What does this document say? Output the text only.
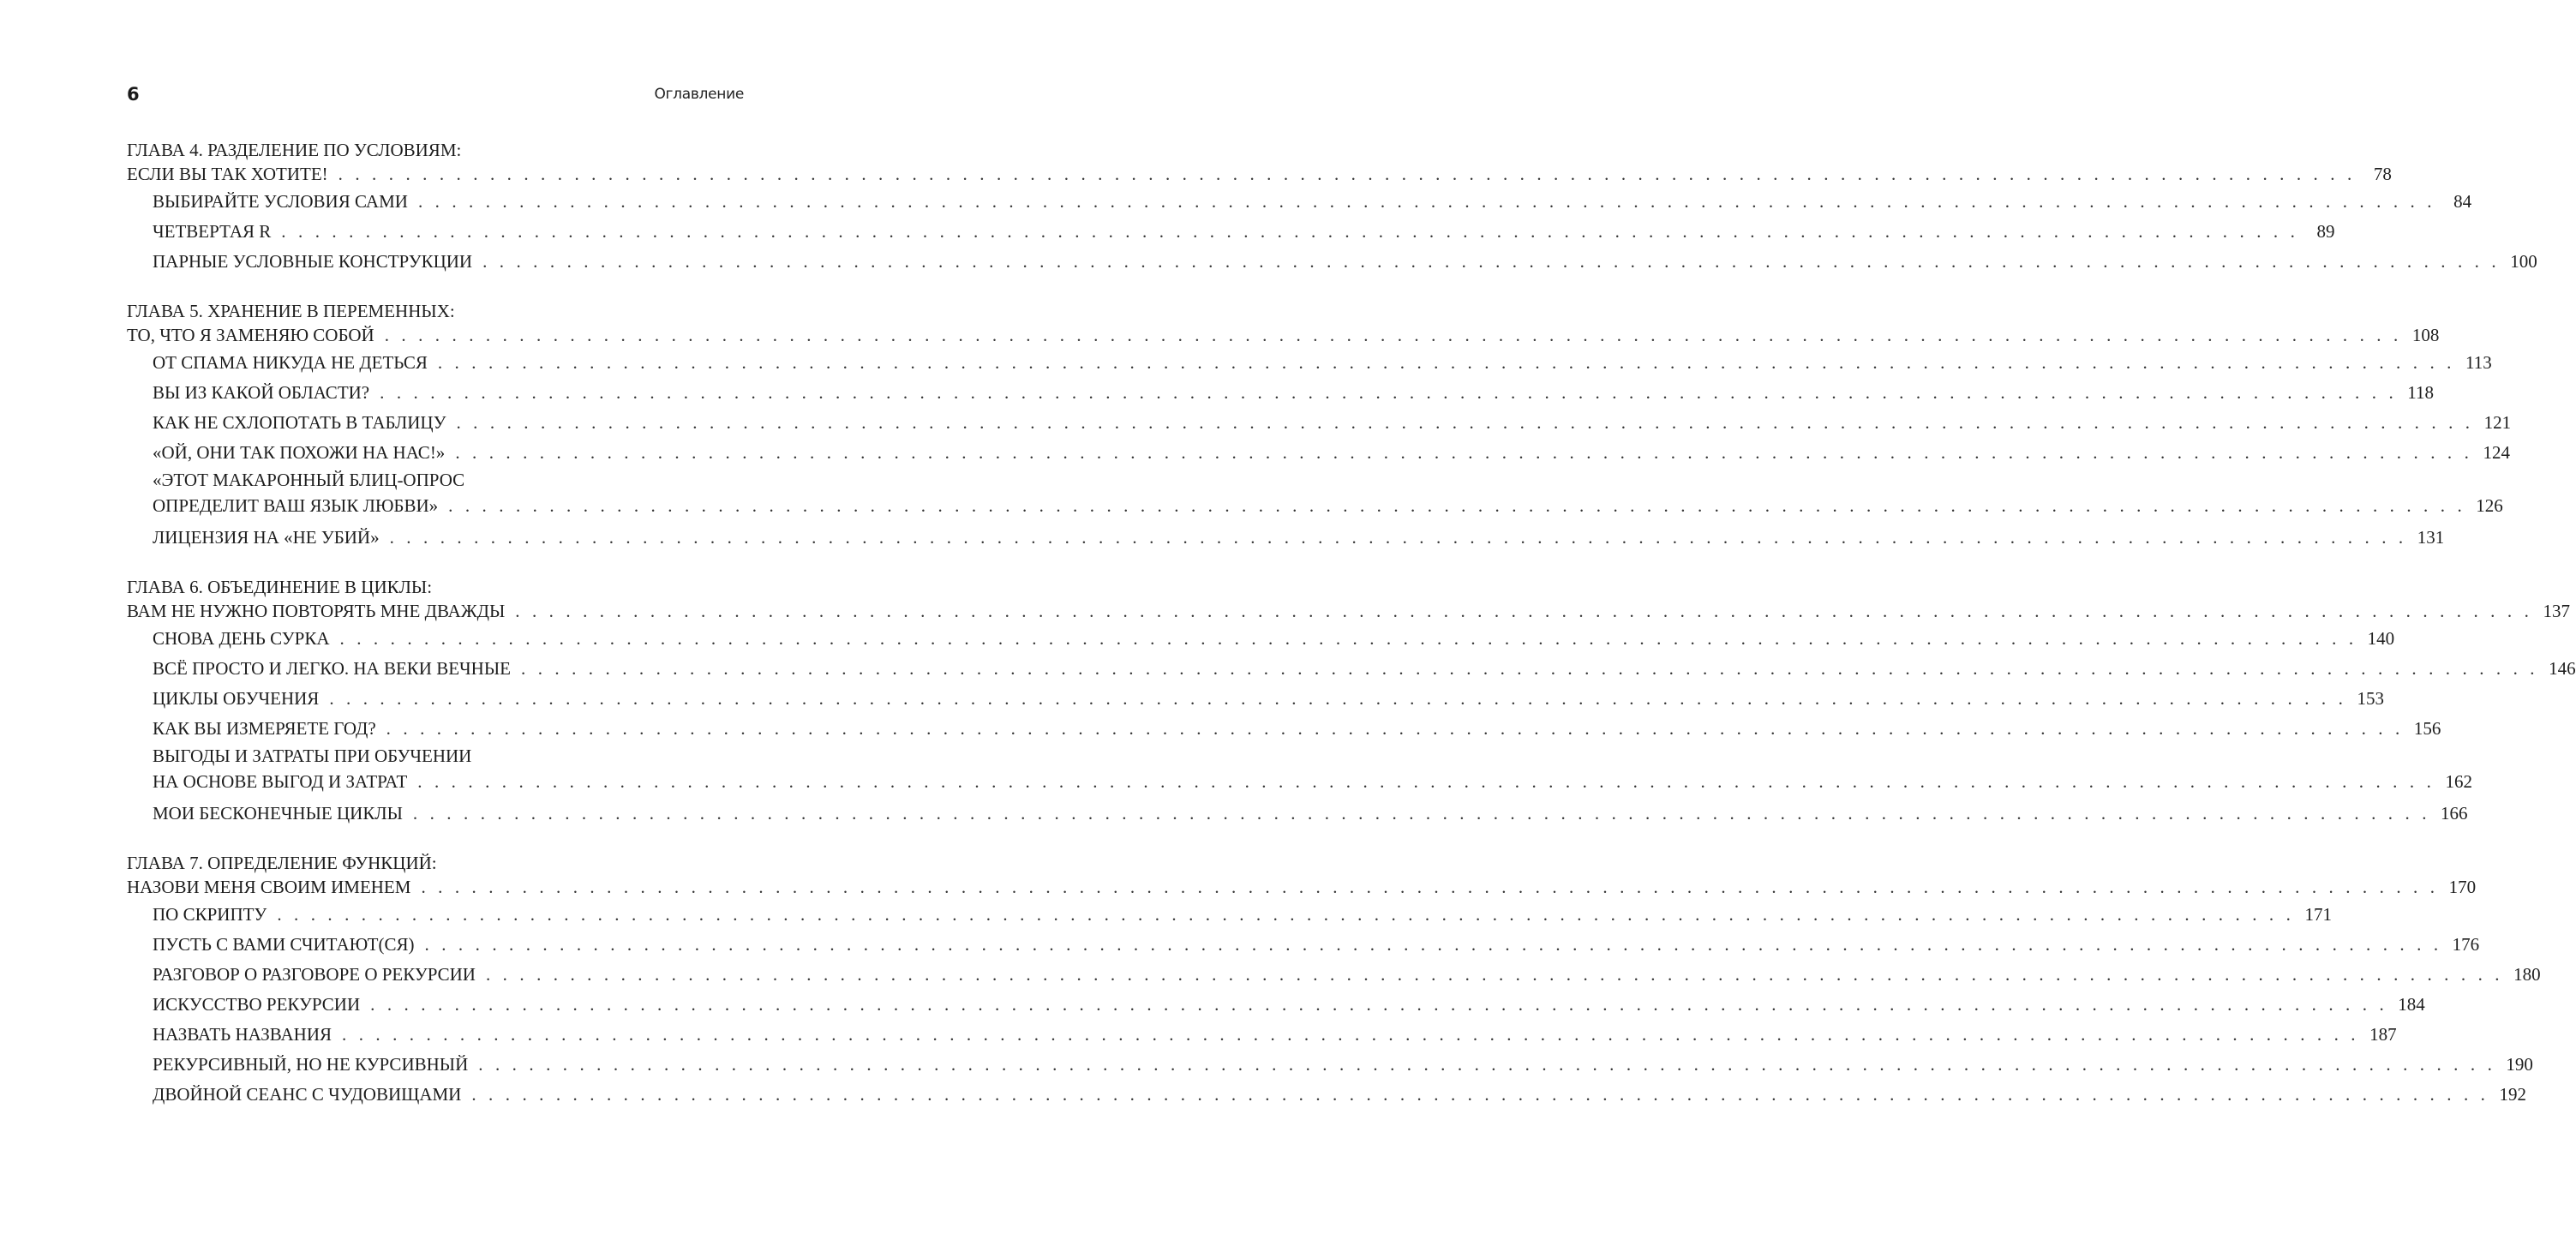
6	Оглавление
ГЛАВА 4. РАЗДЕЛЕНИЕ ПО УСЛОВИЯМ:
ЕСЛИ ВЫ ТАК ХОТИТЕ! . . . . . . . . . . . . . . . . . . . . . . . . . . . . . . . . . . . . . . . . . . . . . . . . . . . . . . . . . . . . . . . . . . . . . . . . . . . . . . . . . . . . . . . . . . . . . . . . . . . . . . . . . . . . . . . . . . . . . . . .	78
ВЫБИРАЙТЕ УСЛОВИЯ САМИ . . . . . . . . . . . . . . . . . . . . . . . . . . . . . . . . . . . . . . . . . . . . . . . . . . . . . . . . . . . . . . . . . . . . . . . . . . . . . . . . . . . . . . . . . . . . . . . . . . . . . . . . . . . . . . . . . . . . . . . .	84
ЧЕТВЕРТАЯ R . . . . . . . . . . . . . . . . . . . . . . . . . . . . . . . . . . . . . . . . . . . . . . . . . . . . . . . . . . . . . . . . . . . . . . . . . . . . . . . . . . . . . . . . . . . . . . . . . . . . . . . . . . . . . . . . . . . . . . . .	89
ПАРНЫЕ УСЛОВНЫЕ КОНСТРУКЦИИ . . . . . . . . . . . . . . . . . . . . . . . . . . . . . . . . . . . . . . . . . . . . . . . . . . . . . . . . . . . . . . . . . . . . . . . . . . . . . . . . . . . . . . . . . . . . . . . . . . . . . . . . . . . . . . . . . . . . . . . . 100
ГЛАВА 5. ХРАНЕНИЕ В ПЕРЕМЕННЫХ:
ТО, ЧТО Я ЗАМЕНЯЮ СОБОЙ . . . . . . . . . . . . . . . . . . . . . . . . . . . . . . . . . . . . . . . . . . . . . . . . . . . . . . . . . . . . . . . . . . . . . . . . . . . . . . . . . . . . . . . . . . . . . . . . . . . . . . . . . . . . . . . . . . . . . . . . 108
ОТ СПАМА НИКУДА НЕ ДЕТЬСЯ . . . . . . . . . . . . . . . . . . . . . . . . . . . . . . . . . . . . . . . . . . . . . . . . . . . . . . . . . . . . . . . . . . . . . . . . . . . . . . . . . . . . . . . . . . . . . . . . . . . . . . . . . . . . . . . . . . . . . . . . 113
ВЫ ИЗ КАКОЙ ОБЛАСТИ? . . . . . . . . . . . . . . . . . . . . . . . . . . . . . . . . . . . . . . . . . . . . . . . . . . . . . . . . . . . . . . . . . . . . . . . . . . . . . . . . . . . . . . . . . . . . . . . . . . . . . . . . . . . . . . . . . . . . . . . . 118
КАК НЕ СХЛОПОТАТЬ В ТАБЛИЦУ . . . . . . . . . . . . . . . . . . . . . . . . . . . . . . . . . . . . . . . . . . . . . . . . . . . . . . . . . . . . . . . . . . . . . . . . . . . . . . . . . . . . . . . . . . . . . . . . . . . . . . . . . . . . . . . . . . . . . . . . 121
«ОЙ, ОНИ ТАК ПОХОЖИ НА НАС!» . . . . . . . . . . . . . . . . . . . . . . . . . . . . . . . . . . . . . . . . . . . . . . . . . . . . . . . . . . . . . . . . . . . . . . . . . . . . . . . . . . . . . . . . . . . . . . . . . . . . . . . . . . . . . . . . . . . . . . . . 124
«ЭТОТ МАКАРОННЫЙ БЛИЦ-ОПРОС
ОПРЕДЕЛИТ ВАШ ЯЗЫК ЛЮБВИ» . . . . . . . . . . . . . . . . . . . . . . . . . . . . . . . . . . . . . . . . . . . . . . . . . . . . . . . . . . . . . . . . . . . . . . . . . . . . . . . . . . . . . . . . . . . . . . . . . . . . . . . . . . . . . . . . . . . . . . . . 126
ЛИЦЕНЗИЯ НА «НЕ УБИЙ» . . . . . . . . . . . . . . . . . . . . . . . . . . . . . . . . . . . . . . . . . . . . . . . . . . . . . . . . . . . . . . . . . . . . . . . . . . . . . . . . . . . . . . . . . . . . . . . . . . . . . . . . . . . . . . . . . . . . . . . . 131
ГЛАВА 6. ОБЪЕДИНЕНИЕ В ЦИКЛЫ:
ВАМ НЕ НУЖНО ПОВТОРЯТЬ МНЕ ДВАЖДЫ . . . . . . . . . . . . . . . . . . . . . . . . . . . . . . . . . . . . . . . . . . . . . . . . . . . . . . . . . . . . . . . . . . . . . . . . . . . . . . . . . . . . . . . . . . . . . . . . . . . . . . . . . . . . . . . . . . . . . . . . 137
СНОВА ДЕНЬ СУРКА . . . . . . . . . . . . . . . . . . . . . . . . . . . . . . . . . . . . . . . . . . . . . . . . . . . . . . . . . . . . . . . . . . . . . . . . . . . . . . . . . . . . . . . . . . . . . . . . . . . . . . . . . . . . . . . . . . . . . . . . 140
ВСЁ ПРОСТО И ЛЕГКО. НА ВЕКИ ВЕЧНЫЕ . . . . . . . . . . . . . . . . . . . . . . . . . . . . . . . . . . . . . . . . . . . . . . . . . . . . . . . . . . . . . . . . . . . . . . . . . . . . . . . . . . . . . . . . . . . . . . . . . . . . . . . . . . . . . . . . . . . . . . . . 146
ЦИКЛЫ ОБУЧЕНИЯ . . . . . . . . . . . . . . . . . . . . . . . . . . . . . . . . . . . . . . . . . . . . . . . . . . . . . . . . . . . . . . . . . . . . . . . . . . . . . . . . . . . . . . . . . . . . . . . . . . . . . . . . . . . . . . . . . . . . . . . . 153
КАК ВЫ ИЗМЕРЯЕТЕ ГОД? . . . . . . . . . . . . . . . . . . . . . . . . . . . . . . . . . . . . . . . . . . . . . . . . . . . . . . . . . . . . . . . . . . . . . . . . . . . . . . . . . . . . . . . . . . . . . . . . . . . . . . . . . . . . . . . . . . . . . . . . 156
ВЫГОДЫ И ЗАТРАТЫ ПРИ ОБУЧЕНИИ
НА ОСНОВЕ ВЫГОД И ЗАТРАТ . . . . . . . . . . . . . . . . . . . . . . . . . . . . . . . . . . . . . . . . . . . . . . . . . . . . . . . . . . . . . . . . . . . . . . . . . . . . . . . . . . . . . . . . . . . . . . . . . . . . . . . . . . . . . . . . . . . . . . . . 162
МОИ БЕСКОНЕЧНЫЕ ЦИКЛЫ . . . . . . . . . . . . . . . . . . . . . . . . . . . . . . . . . . . . . . . . . . . . . . . . . . . . . . . . . . . . . . . . . . . . . . . . . . . . . . . . . . . . . . . . . . . . . . . . . . . . . . . . . . . . . . . . . . . . . . . . 166
ГЛАВА 7. ОПРЕДЕЛЕНИЕ ФУНКЦИЙ:
НАЗОВИ МЕНЯ СВОИМ ИМЕНЕМ . . . . . . . . . . . . . . . . . . . . . . . . . . . . . . . . . . . . . . . . . . . . . . . . . . . . . . . . . . . . . . . . . . . . . . . . . . . . . . . . . . . . . . . . . . . . . . . . . . . . . . . . . . . . . . . . . . . . . . . . 170
ПО СКРИПТУ . . . . . . . . . . . . . . . . . . . . . . . . . . . . . . . . . . . . . . . . . . . . . . . . . . . . . . . . . . . . . . . . . . . . . . . . . . . . . . . . . . . . . . . . . . . . . . . . . . . . . . . . . . . . . . . . . . . . . . . . 171
ПУСТЬ С ВАМИ СЧИТАЮТ(СЯ) . . . . . . . . . . . . . . . . . . . . . . . . . . . . . . . . . . . . . . . . . . . . . . . . . . . . . . . . . . . . . . . . . . . . . . . . . . . . . . . . . . . . . . . . . . . . . . . . . . . . . . . . . . . . . . . . . . . . . . . . 176
РАЗГОВОР О РАЗГОВОРЕ О РЕКУРСИИ . . . . . . . . . . . . . . . . . . . . . . . . . . . . . . . . . . . . . . . . . . . . . . . . . . . . . . . . . . . . . . . . . . . . . . . . . . . . . . . . . . . . . . . . . . . . . . . . . . . . . . . . . . . . . . . . . . . . . . . . 180
ИСКУССТВО РЕКУРСИИ . . . . . . . . . . . . . . . . . . . . . . . . . . . . . . . . . . . . . . . . . . . . . . . . . . . . . . . . . . . . . . . . . . . . . . . . . . . . . . . . . . . . . . . . . . . . . . . . . . . . . . . . . . . . . . . . . . . . . . . . 184
НАЗВАТЬ НАЗВАНИЯ . . . . . . . . . . . . . . . . . . . . . . . . . . . . . . . . . . . . . . . . . . . . . . . . . . . . . . . . . . . . . . . . . . . . . . . . . . . . . . . . . . . . . . . . . . . . . . . . . . . . . . . . . . . . . . . . . . . . . . . . 187
РЕКУРСИВНЫЙ, НО НЕ КУРСИВНЫЙ . . . . . . . . . . . . . . . . . . . . . . . . . . . . . . . . . . . . . . . . . . . . . . . . . . . . . . . . . . . . . . . . . . . . . . . . . . . . . . . . . . . . . . . . . . . . . . . . . . . . . . . . . . . . . . . . . . . . . . . . 190
ДВОЙНОЙ СЕАНС С ЧУДОВИЩАМИ . . . . . . . . . . . . . . . . . . . . . . . . . . . . . . . . . . . . . . . . . . . . . . . . . . . . . . . . . . . . . . . . . . . . . . . . . . . . . . . . . . . . . . . . . . . . . . . . . . . . . . . . . . . . . . . . . . . . . . . . 192
